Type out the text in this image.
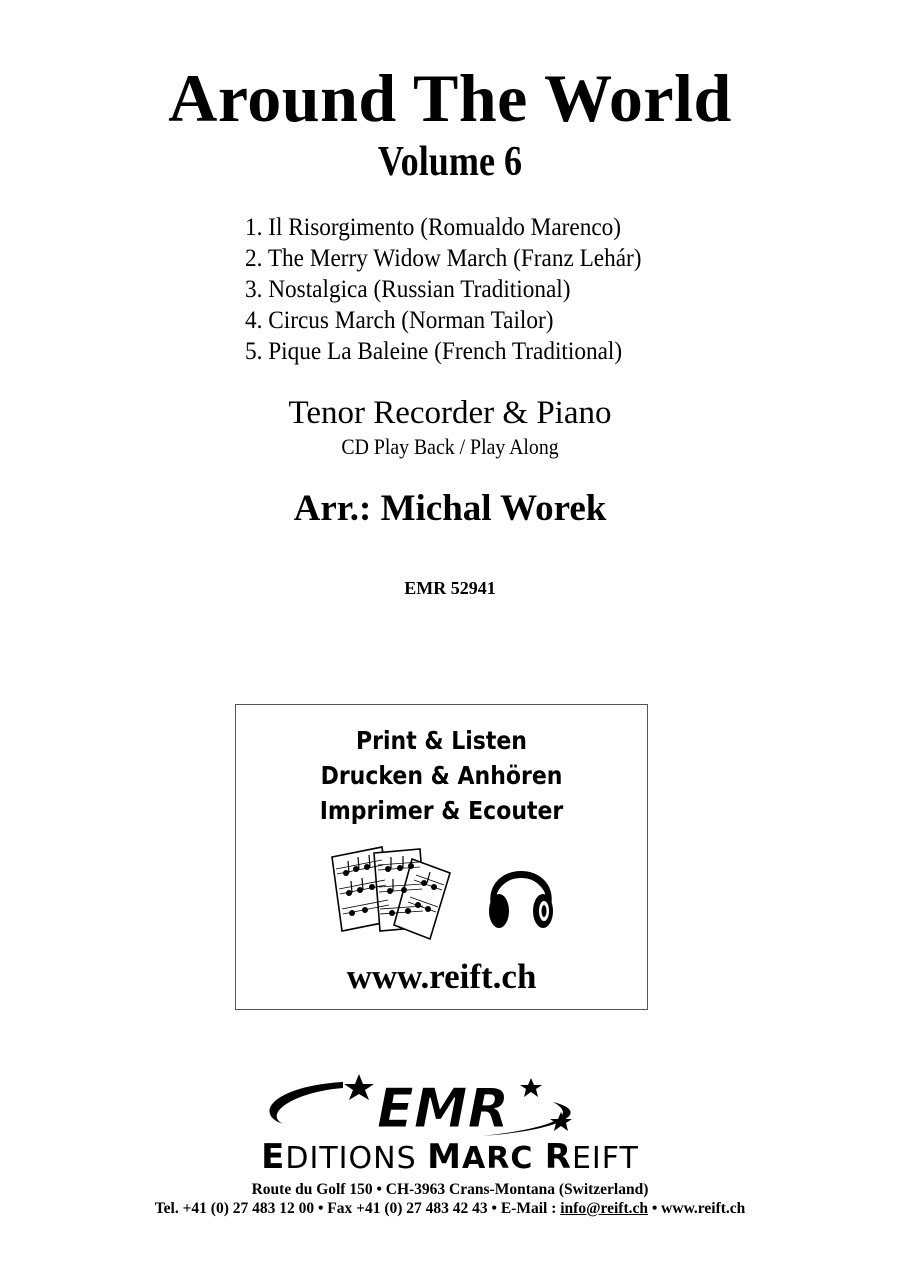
Around The World
Volume 6
1. Il Risorgimento (Romualdo Marenco)
2. The Merry Widow March (Franz Lehár)
3. Nostalgica (Russian Traditional)
4. Circus March (Norman Tailor)
5. Pique La Baleine (French Traditional)
Tenor Recorder & Piano
CD Play Back / Play Along
Arr.: Michal Worek
EMR 52941
Print & Listen
Drucken & Anhören
Imprimer & Ecouter
www.reift.ch
EMR
EDITIONS MARC REIFT
Route du Golf 150 • CH-3963 Crans-Montana (Switzerland)
Tel. +41 (0) 27 483 12 00 • Fax +41 (0) 27 483 42 43 • E-Mail : info@reift.ch • www.reift.ch
